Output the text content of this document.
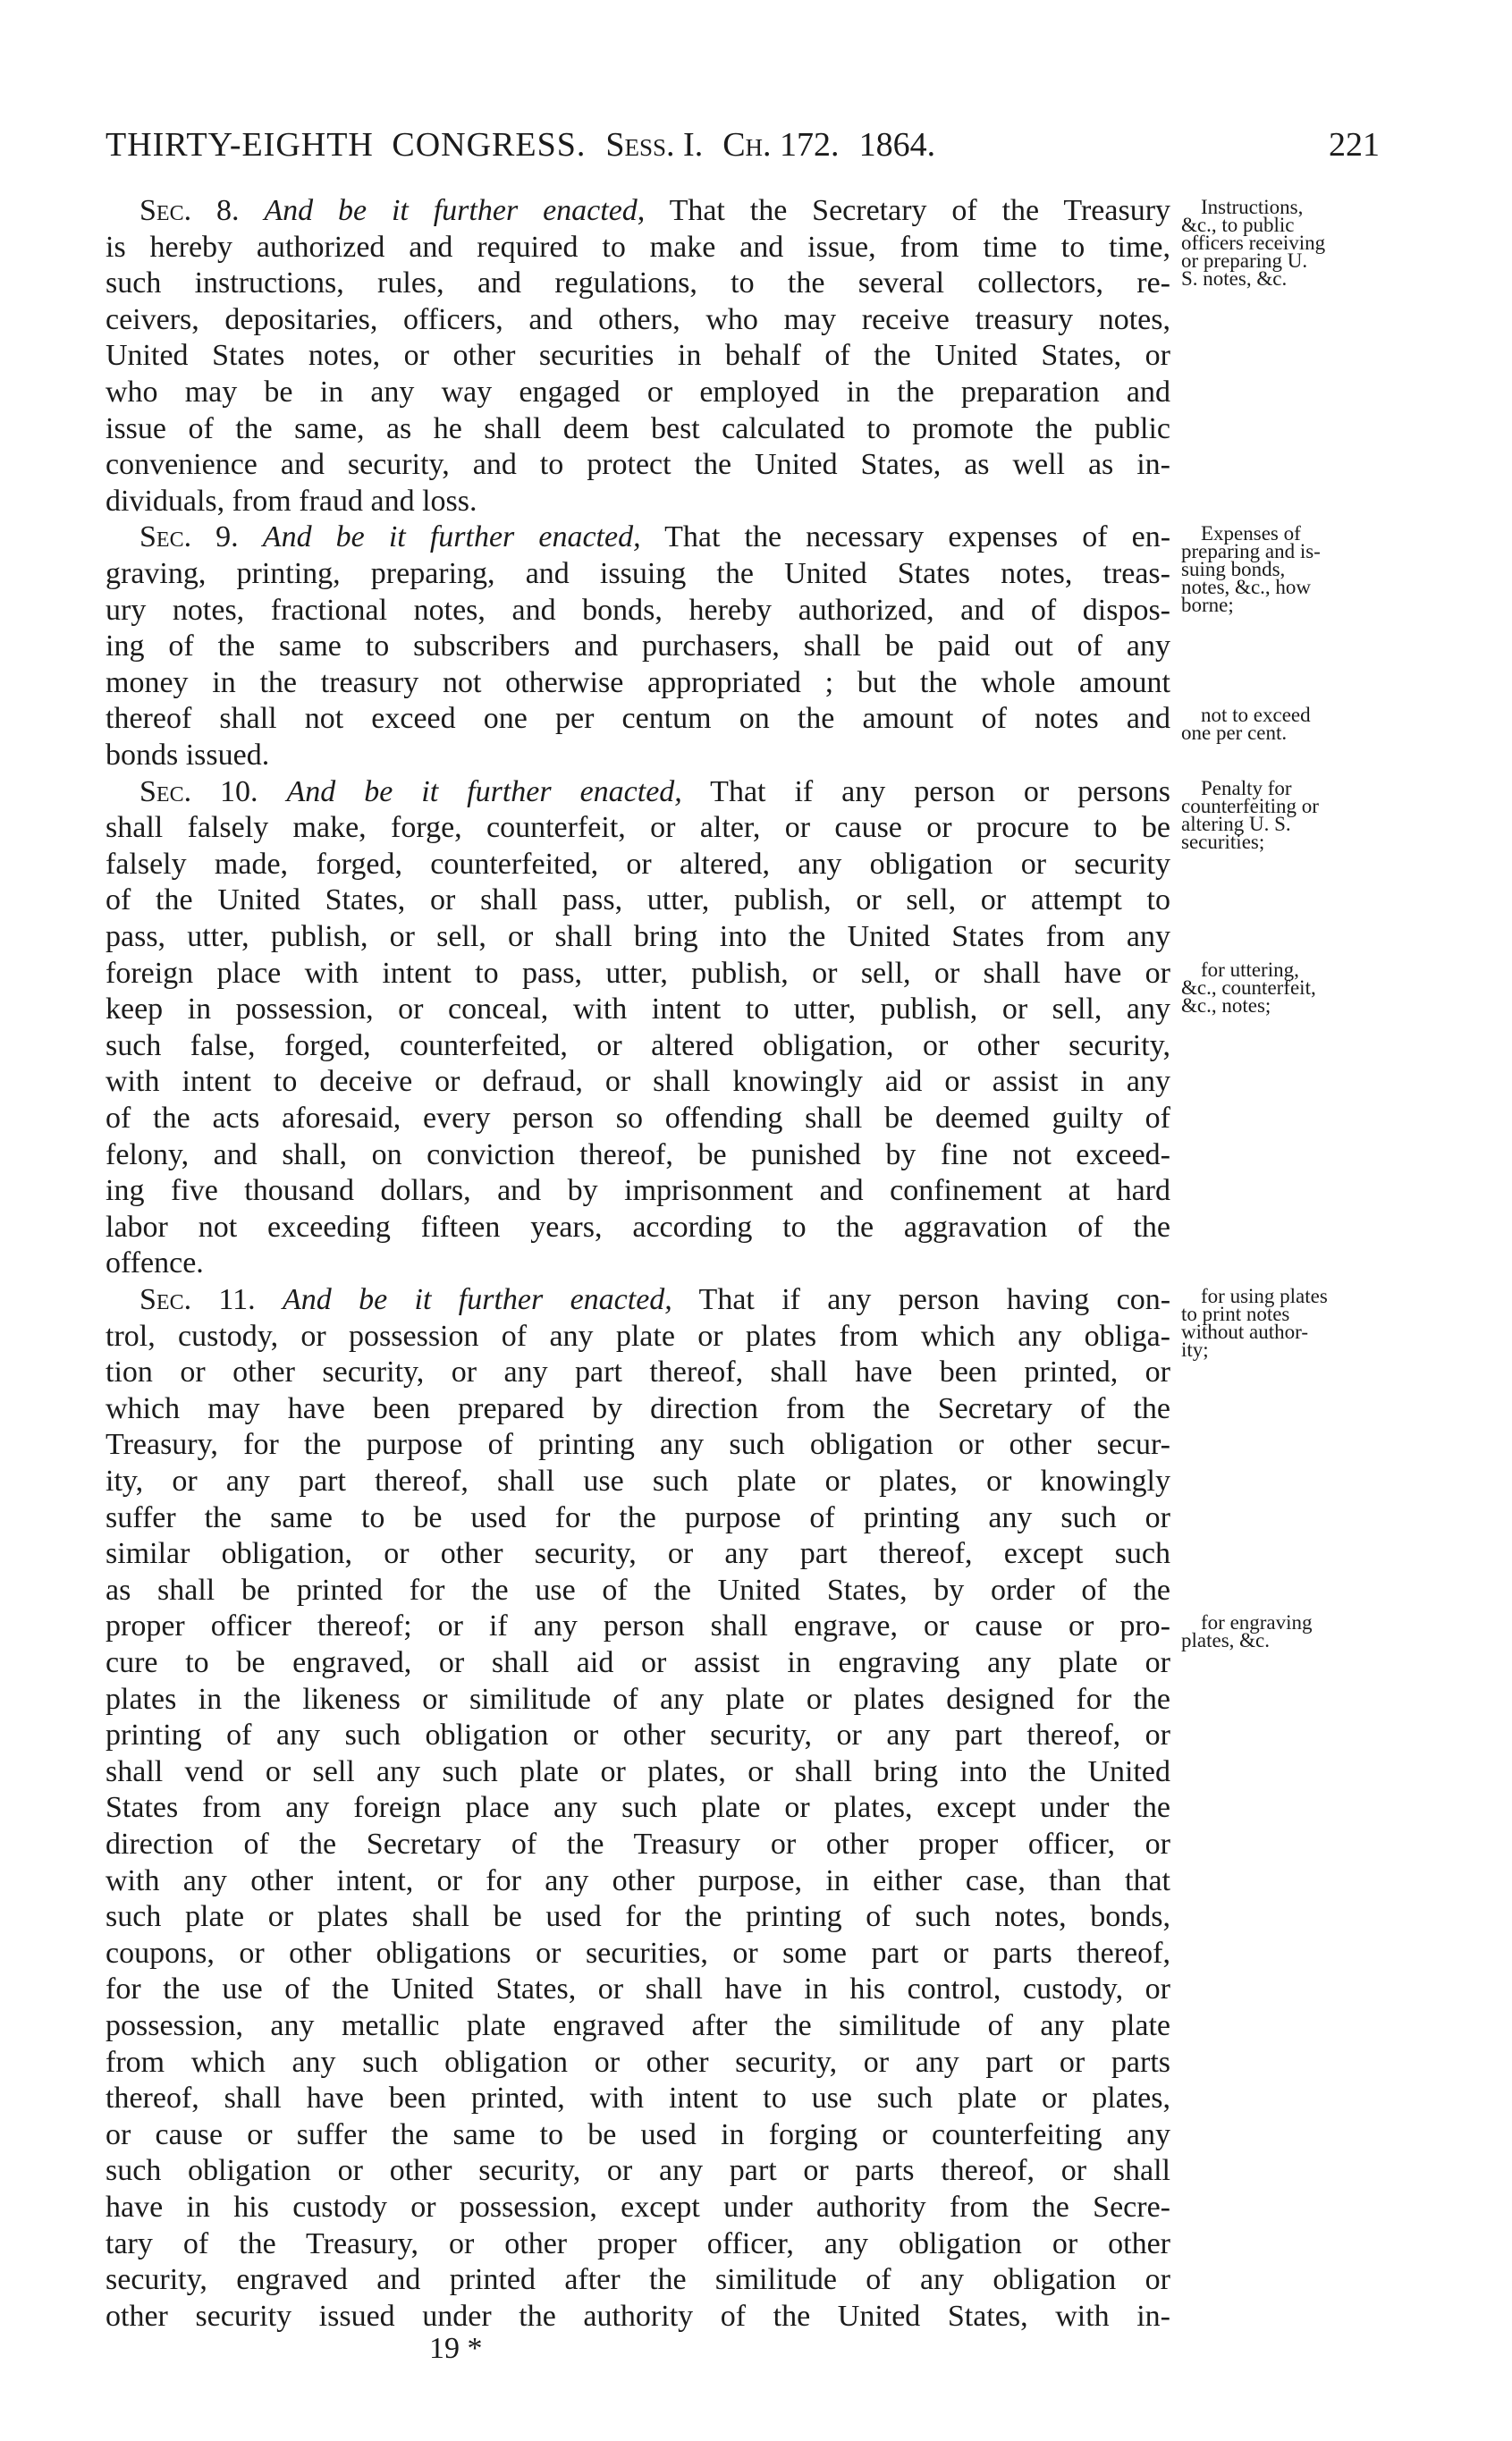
THIRTY-EIGHTH CONGRESS. Sess. I. Ch. 172. 1864.	221
Sec. 8. And be it further enacted, That the Secretary of the Treasury
is hereby authorized and required to make and issue, from time to time,
such instructions, rules, and regulations, to the several collectors, re-
ceivers, depositaries, officers, and others, who may receive treasury notes,
United States notes, or other securities in behalf of the United States, or
who may be in any way engaged or employed in the preparation and
issue of the same, as he shall deem best calculated to promote the public
convenience and security, and to protect the United States, as well as in-
dividuals, from fraud and loss.
Sec. 9. And be it further enacted, That the necessary expenses of en-
graving, printing, preparing, and issuing the United States notes, treas-
ury notes, fractional notes, and bonds, hereby authorized, and of dispos-
ing of the same to subscribers and purchasers, shall be paid out of any
money in the treasury not otherwise appropriated ; but the whole amount
thereof shall not exceed one per centum on the amount of notes and
bonds issued.
Sec. 10. And be it further enacted, That if any person or persons
shall falsely make, forge, counterfeit, or alter, or cause or procure to be
falsely made, forged, counterfeited, or altered, any obligation or security
of the United States, or shall pass, utter, publish, or sell, or attempt to
pass, utter, publish, or sell, or shall bring into the United States from any
foreign place with intent to pass, utter, publish, or sell, or shall have or
keep in possession, or conceal, with intent to utter, publish, or sell, any
such false, forged, counterfeited, or altered obligation, or other security,
with intent to deceive or defraud, or shall knowingly aid or assist in any
of the acts aforesaid, every person so offending shall be deemed guilty of
felony, and shall, on conviction thereof, be punished by fine not exceed-
ing five thousand dollars, and by imprisonment and confinement at hard
labor not exceeding fifteen years, according to the aggravation of the
offence.
Sec. 11. And be it further enacted, That if any person having con-
trol, custody, or possession of any plate or plates from which any obliga-
tion or other security, or any part thereof, shall have been printed, or
which may have been prepared by direction from the Secretary of the
Treasury, for the purpose of printing any such obligation or other secur-
ity, or any part thereof, shall use such plate or plates, or knowingly
suffer the same to be used for the purpose of printing any such or
similar obligation, or other security, or any part thereof, except such
as shall be printed for the use of the United States, by order of the
proper officer thereof; or if any person shall engrave, or cause or pro-
cure to be engraved, or shall aid or assist in engraving any plate or
plates in the likeness or similitude of any plate or plates designed for the
printing of any such obligation or other security, or any part thereof, or
shall vend or sell any such plate or plates, or shall bring into the United
States from any foreign place any such plate or plates, except under the
direction of the Secretary of the Treasury or other proper officer, or
with any other intent, or for any other purpose, in either case, than that
such plate or plates shall be used for the printing of such notes, bonds,
coupons, or other obligations or securities, or some part or parts thereof,
for the use of the United States, or shall have in his control, custody, or
possession, any metallic plate engraved after the similitude of any plate
from which any such obligation or other security, or any part or parts
thereof, shall have been printed, with intent to use such plate or plates,
or cause or suffer the same to be used in forging or counterfeiting any
such obligation or other security, or any part or parts thereof, or shall
have in his custody or possession, except under authority from the Secre-
tary of the Treasury, or other proper officer, any obligation or other
security, engraved and printed after the similitude of any obligation or
other security issued under the authority of the United States, with in-
Instructions,
&c., to public
officers receiving
or preparing U.
S. notes, &c.
Expenses of
preparing and is-
suing bonds,
notes, &c., how
borne;
not to exceed
one per cent.
Penalty for
counterfeiting or
altering U. S.
securities;
for uttering,
&c., counterfeit,
&c., notes;
for using plates
to print notes
without author-
ity;
for engraving
plates, &c.
19 *
